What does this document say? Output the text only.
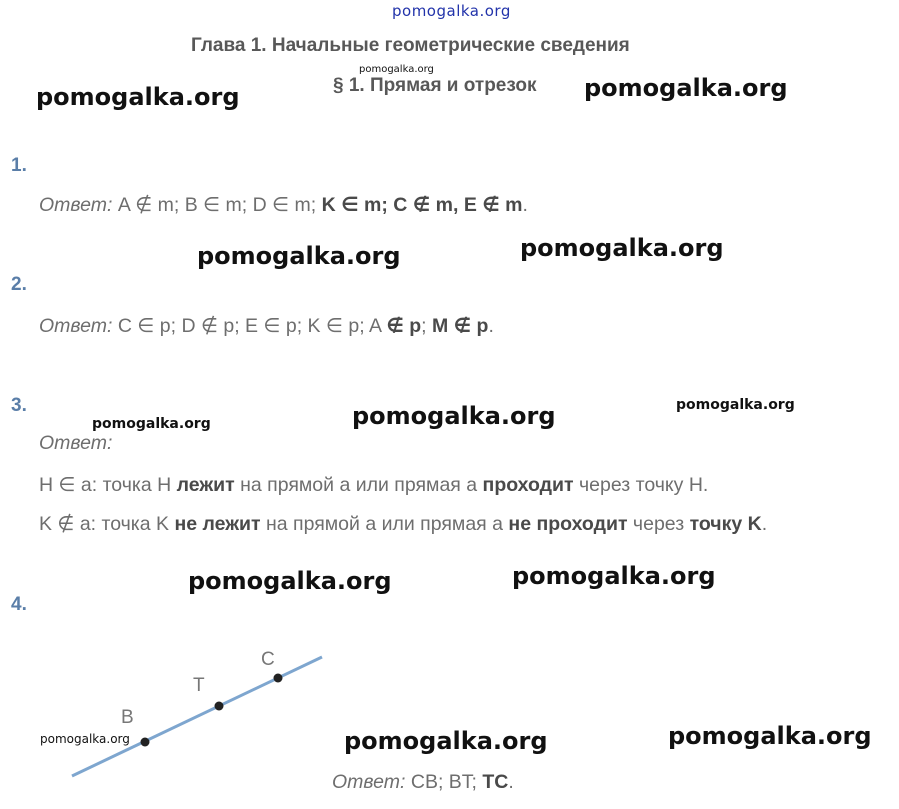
pomogalka.org
Глава 1. Начальные геометрические сведения
pomogalka.org
§ 1. Прямая и отрезок
pomogalka.org	pomogalka.org
pomogalka.org	pomogalka.org
pomogalka.org	pomogalka.org	pomogalka.org
pomogalka.org	pomogalka.org
pomogalka.org	pomogalka.org	pomogalka.org
1.
Ответ: A ∉ m; B ∈ m; D ∈ m; K ∈ m; C ∉ m, E ∉ m.
2.
Ответ: C ∈ p; D ∉ p; E ∈ p; K ∈ p; A ∉ p; M ∉ p.
3.
Ответ:
H ∈ a: точка H лежит на прямой a или прямая a проходит через точку H.
K ∉ a: точка K не лежит на прямой a или прямая a не проходит через точку K.
4.
B
T
C
Ответ: CB; BT; TC.
